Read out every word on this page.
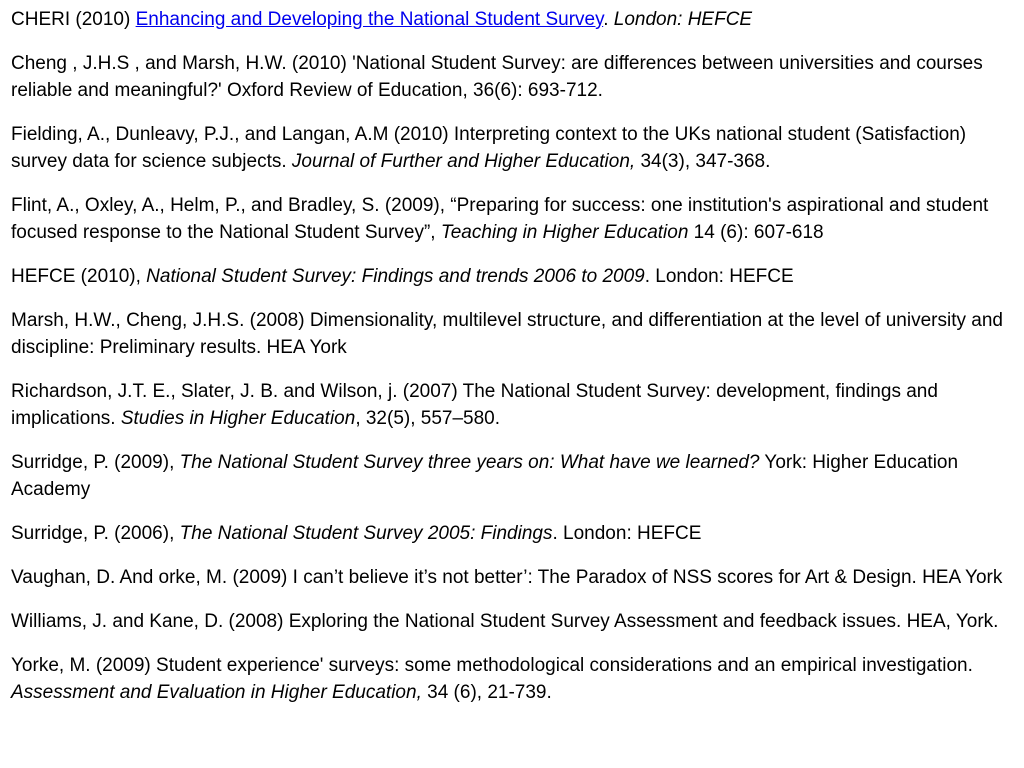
CHERI (2010) Enhancing and Developing the National Student Survey. London: HEFCE

Cheng , J.H.S , and Marsh, H.W. (2010) 'National Student Survey: are differences between universities and courses reliable and meaningful?' Oxford Review of Education, 36(6): 693-712.

Fielding, A., Dunleavy, P.J., and Langan, A.M (2010) Interpreting context to the UKs national student (Satisfaction) survey data for science subjects. Journal of Further and Higher Education, 34(3), 347-368.

Flint, A., Oxley, A., Helm, P., and Bradley, S. (2009), “Preparing for success: one institution's aspirational and student focused response to the National Student Survey”, Teaching in Higher Education 14 (6): 607-618

HEFCE (2010), National Student Survey: Findings and trends 2006 to 2009. London: HEFCE

Marsh, H.W., Cheng, J.H.S. (2008) Dimensionality, multilevel structure, and differentiation at the level of university and discipline: Preliminary results. HEA York

Richardson, J.T. E., Slater, J. B. and Wilson, j. (2007) The National Student Survey: development, findings and implications. Studies in Higher Education, 32(5), 557–580.

Surridge, P. (2009), The National Student Survey three years on: What have we learned? York: Higher Education Academy

Surridge, P. (2006), The National Student Survey 2005: Findings. London: HEFCE

Vaughan, D. And orke, M. (2009) I can’t believe it’s not better’: The Paradox of NSS scores for Art & Design. HEA York

Williams, J. and Kane, D. (2008) Exploring the National Student Survey Assessment and feedback issues. HEA, York.

Yorke, M. (2009) Student experience' surveys: some methodological considerations and an empirical investigation. Assessment and Evaluation in Higher Education, 34 (6), 21-739.
